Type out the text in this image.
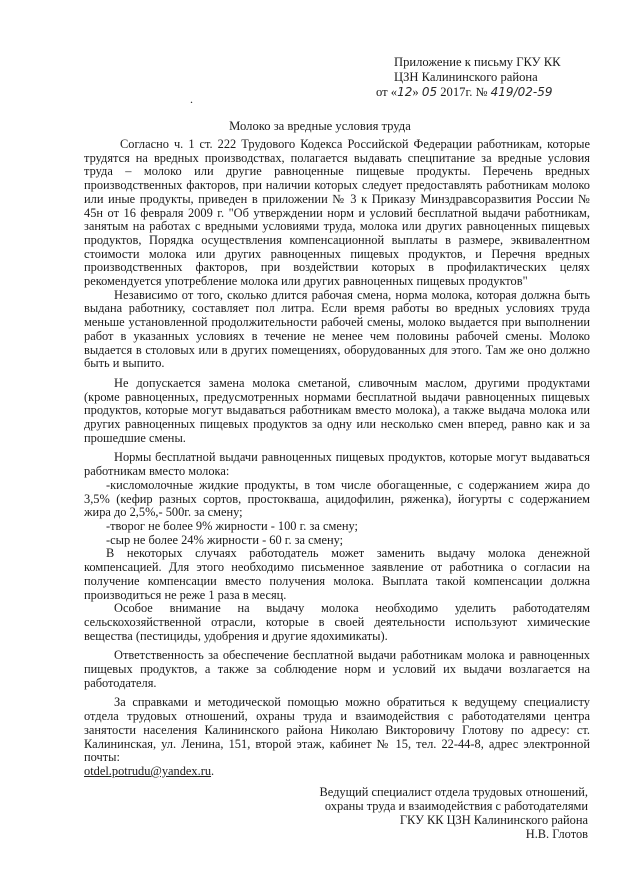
Приложение к письму ГКУ КК
ЦЗН Калининского района
от «12» 05 2017г. № 419/02-59
.
Молоко за вредные условия труда

Согласно ч. 1 ст. 222 Трудового Кодекса Российской Федерации работникам, которые трудятся на вредных производствах, полагается выдавать спецпитание за вредные условия труда – молоко или другие равноценные пищевые продукты. Перечень вредных производственных факторов, при наличии которых следует предоставлять работникам молоко или иные продукты, приведен в приложении № 3 к Приказу Минздравсоразвития России № 45н от 16 февраля 2009 г. "Об утверждении норм и условий бесплатной выдачи работникам, занятым на работах с вредными условиями труда, молока или других равноценных пищевых продуктов, Порядка осуществления компенсационной выплаты в размере, эквивалентном стоимости молока или других равноценных пищевых продуктов, и Перечня вредных производственных факторов, при воздействии которых в профилактических целях рекомендуется употребление молока или других равноценных пищевых продуктов"

Независимо от того, сколько длится рабочая смена, норма молока, которая должна быть выдана работнику, составляет пол литра. Если время работы во вредных условиях труда меньше установленной продолжительности рабочей смены, молоко выдается при выполнении работ в указанных условиях в течение не менее чем половины рабочей смены. Молоко выдается в столовых или в других помещениях, оборудованных для этого. Там же оно должно быть и выпито.

Не допускается замена молока сметаной, сливочным маслом, другими продуктами (кроме равноценных, предусмотренных нормами бесплатной выдачи равноценных пищевых продуктов, которые могут выдаваться работникам вместо молока), а также выдача молока или других равноценных пищевых продуктов за одну или несколько смен вперед, равно как и за прошедшие смены.

Нормы бесплатной выдачи равноценных пищевых продуктов, которые могут выдаваться работникам вместо молока:

-кисломолочные жидкие продукты, в том числе обогащенные, с содержанием жира до 3,5% (кефир разных сортов, простокваша, ацидофилин, ряженка), йогурты с содержанием жира до 2,5%,- 500г. за смену;

-творог не более 9% жирности - 100 г. за смену;

-сыр не более 24% жирности - 60 г. за смену;

В некоторых случаях работодатель может заменить выдачу молока денежной компенсацией. Для этого необходимо письменное заявление от работника о согласии на получение компенсации вместо получения молока. Выплата такой компенсации должна производиться не реже 1 раза в месяц.

Особое внимание на выдачу молока необходимо уделить работодателям сельскохозяйственной отрасли, которые в своей деятельности используют химические вещества (пестициды, удобрения и другие ядохимикаты).

Ответственность за обеспечение бесплатной выдачи работникам молока и равноценных пищевых продуктов, а также за соблюдение норм и условий их выдачи возлагается на работодателя.

За справками и методической помощью можно обратиться к ведущему специалисту отдела трудовых отношений, охраны труда и взаимодействия с работодателями центра занятости населения Калининского района Николаю Викторовичу Глотову по адресу: ст. Калининская, ул. Ленина, 151, второй этаж, кабинет № 15, тел. 22-44-8, адрес электронной почты:

otdel.potrudu@yandex.ru.

Ведущий специалист отдела трудовых отношений,
охраны труда и взаимодействия с работодателями
ГКУ КК ЦЗН Калининского района
Н.В. Глотов
